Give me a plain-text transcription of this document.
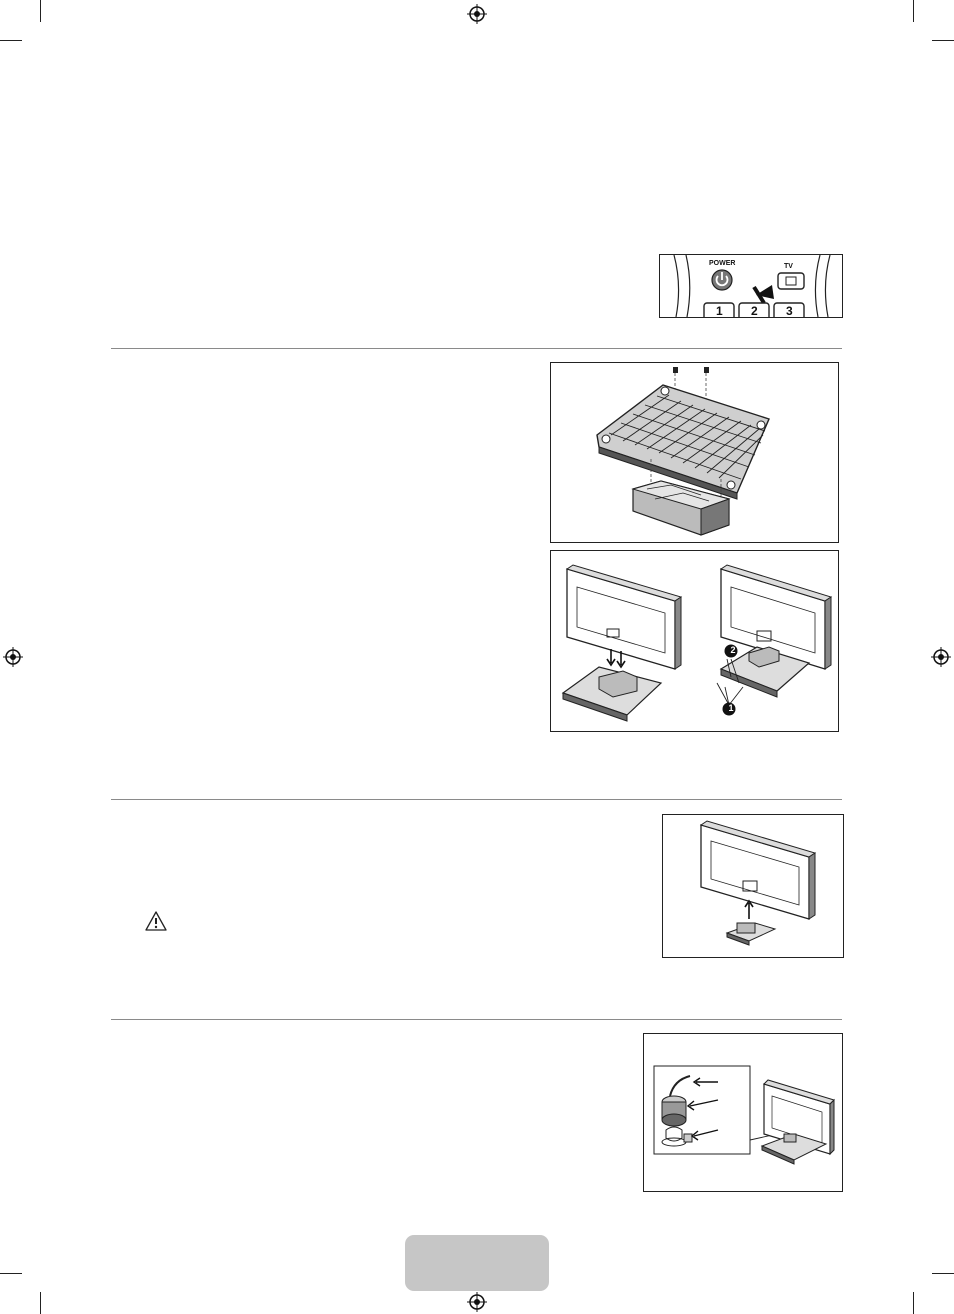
POWER	TV
1 2 3
2
1
